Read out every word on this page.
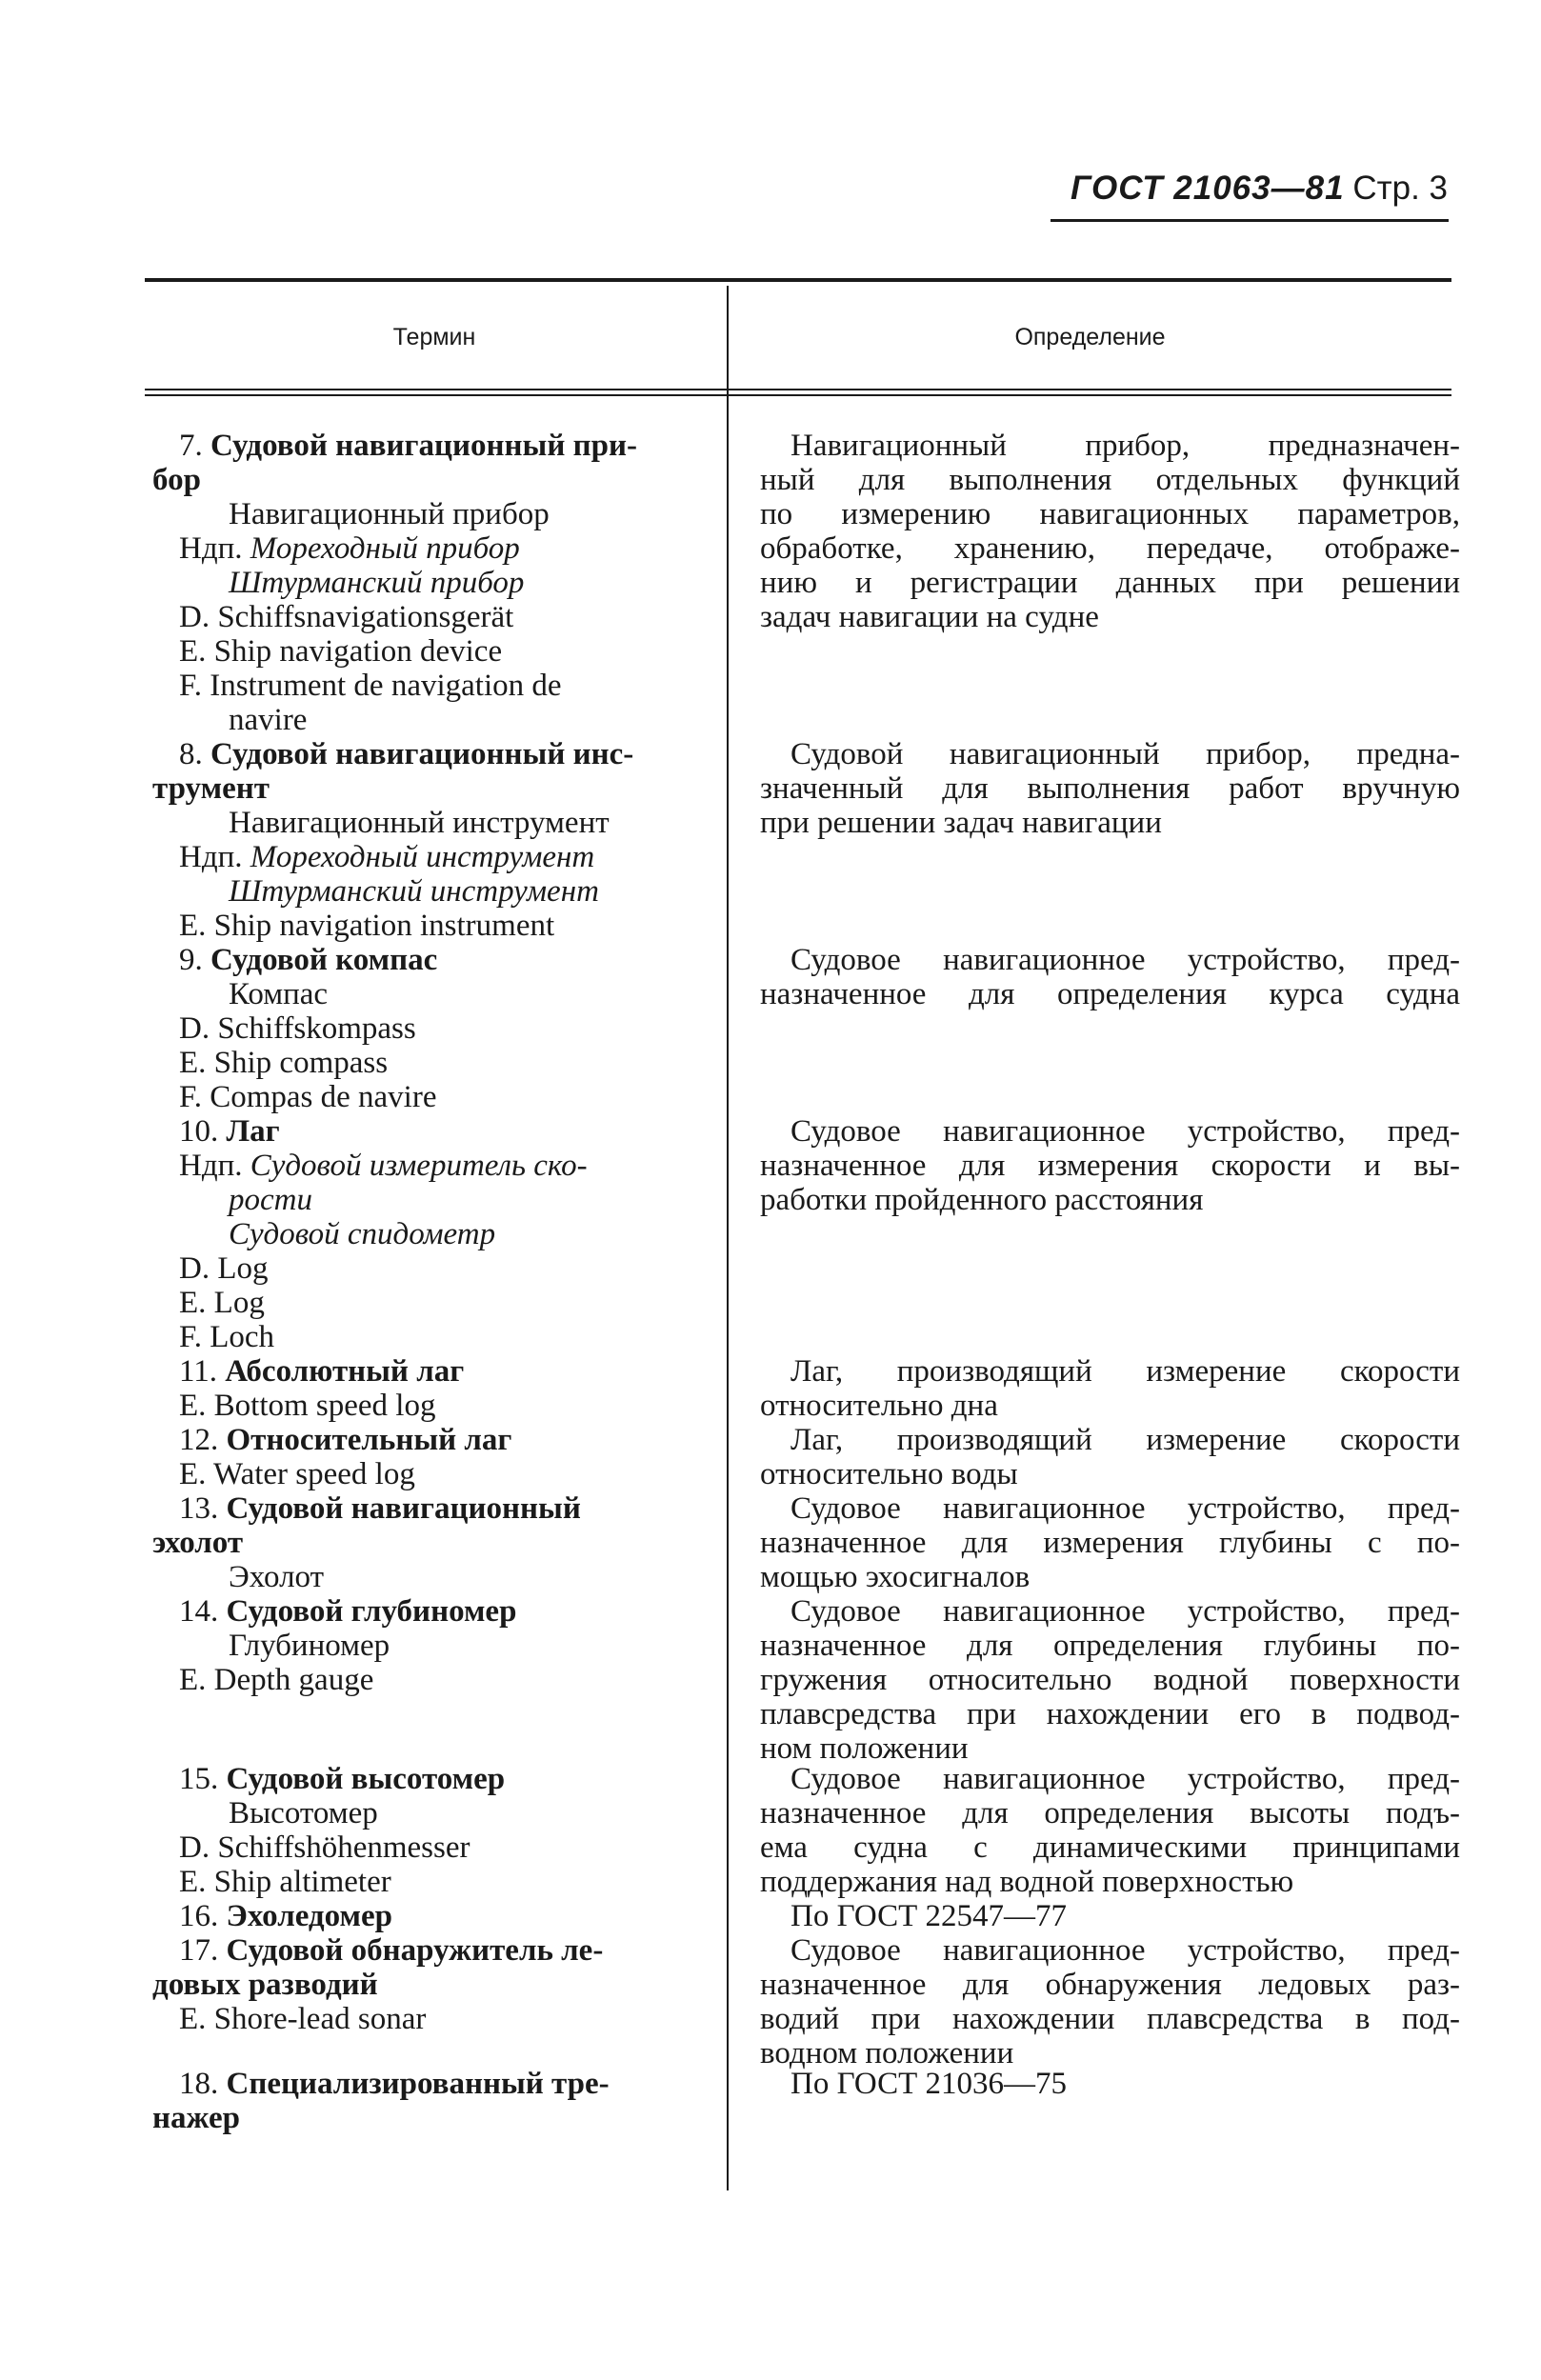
ГОСТ 21063—81 Стр. 3
Термин	Определение
7. Судовой навигационный при-
бор
Навигационный прибор
Ндп. Мореходный прибор
Штурманский прибор
D. Schiffsnavigationsgerät
E. Ship navigation device
F. Instrument de navigation de
navire
8. Судовой навигационный инс-
трумент
Навигационный инструмент
Ндп. Мореходный инструмент
Штурманский инструмент
E. Ship navigation instrument
9. Судовой компас
Компас
D. Schiffskompass
E. Ship compass
F. Compas de navire
10. Лаг
Ндп. Судовой измеритель ско-
рости
Судовой спидометр
D. Log
E. Log
F. Loch
11. Абсолютный лаг
E. Bottom speed log
12. Относительный лаг
E. Water speed log
13. Судовой навигационный
эхолот
Эхолот
14. Судовой глубиномер
Глубиномер
E. Depth gauge
15. Судовой высотомер
Высотомер
D. Schiffshöhenmesser
E. Ship altimeter
16. Эхоледомер
17. Судовой обнаружитель ле-
довых разводий
E. Shore-lead sonar
18. Специализированный тре-
нажер
Навигационный прибор, предназначен-
ный для выполнения отдельных функций
по измерению навигационных параметров,
обработке, хранению, передаче, отображе-
нию и регистрации данных при решении
задач навигации на судне
Судовой навигационный прибор, предна-
значенный для выполнения работ вручную
при решении задач навигации
Судовое навигационное устройство, пред-
назначенное для определения курса судна
Судовое навигационное устройство, пред-
назначенное для измерения скорости и вы-
работки пройденного расстояния
Лаг, производящий измерение скорости
относительно дна
Лаг, производящий измерение скорости
относительно воды
Судовое навигационное устройство, пред-
назначенное для измерения глубины с по-
мощью эхосигналов
Судовое навигационное устройство, пред-
назначенное для определения глубины по-
гружения относительно водной поверхности
плавсредства при нахождении его в подвод-
ном положении
Судовое навигационное устройство, пред-
назначенное для определения высоты подъ-
ема судна с динамическими принципами
поддержания над водной поверхностью
По ГОСТ 22547—77
Судовое навигационное устройство, пред-
назначенное для обнаружения ледовых раз-
водий при нахождении плавсредства в под-
водном положении
По ГОСТ 21036—75
